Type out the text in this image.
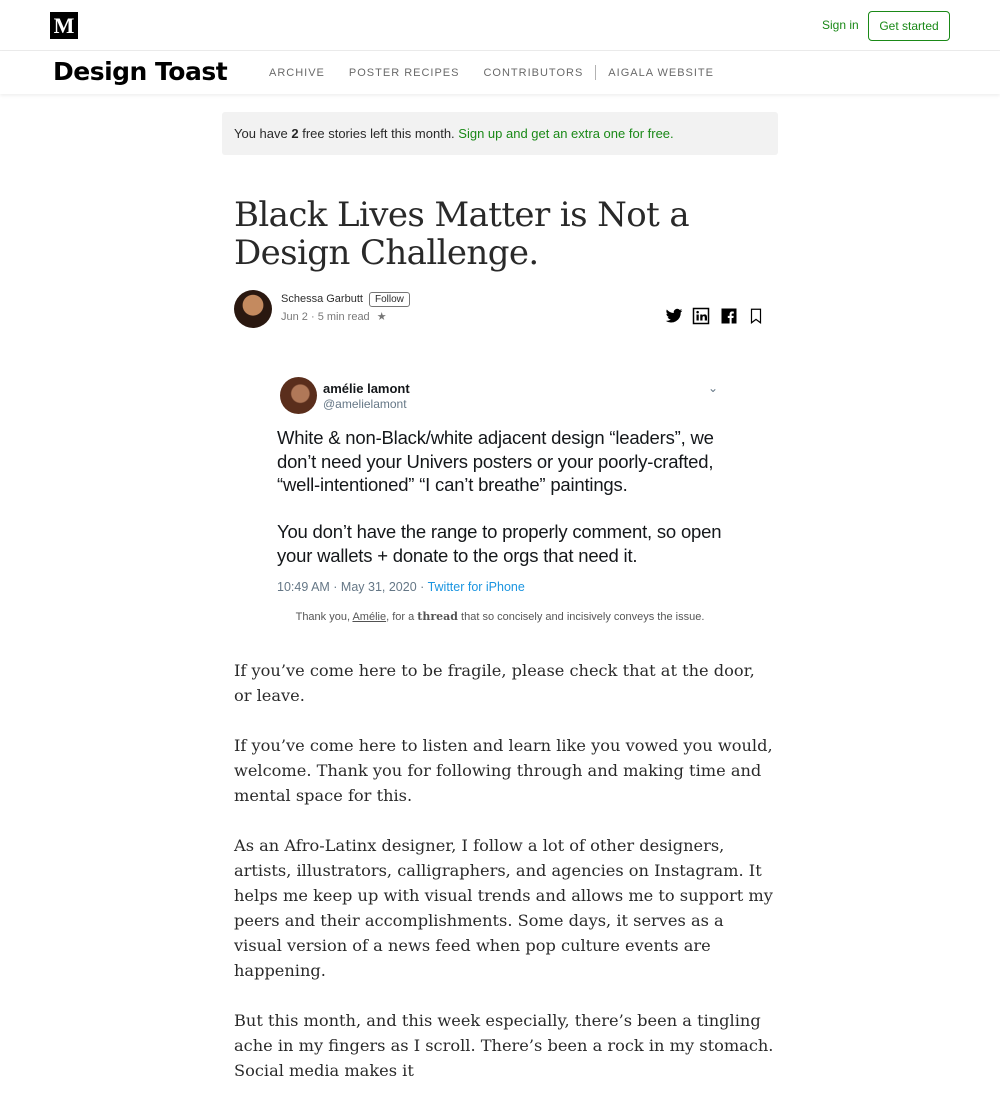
M	Sign in	Get started
Design Toast	ARCHIVE POSTER RECIPES CONTRIBUTORS AIGALA WEBSITE
You have 2 free stories left this month. Sign up and get an extra one for free.
Black Lives Matter is Not a Design Challenge.
Schessa Garbutt	Follow
Jun 2 · 5 min read ★
amélie lamont
@amelielamont
⌄

White & non-Black/white adjacent design “leaders”, we don’t need your Univers posters or your poorly-crafted, “well-intentioned” “I can’t breathe” paintings.

You don’t have the range to properly comment, so open your wallets + donate to the orgs that need it.

10:49 AM · May 31, 2020 · Twitter for iPhone
Thank you, Amélie, for a thread that so concisely and incisively conveys the issue.

If you’ve come here to be fragile, please check that at the door, or leave.

If you’ve come here to listen and learn like you vowed you would, welcome. Thank you for following through and making time and mental space for this.

As an Afro-Latinx designer, I follow a lot of other designers, artists, illustrators, calligraphers, and agencies on Instagram. It helps me keep up with visual trends and allows me to support my peers and their accomplishments. Some days, it serves as a visual version of a news feed when pop culture events are happening.

But this month, and this week especially, there’s been a tingling ache in my fingers as I scroll. There’s been a rock in my stomach. Social media makes it
